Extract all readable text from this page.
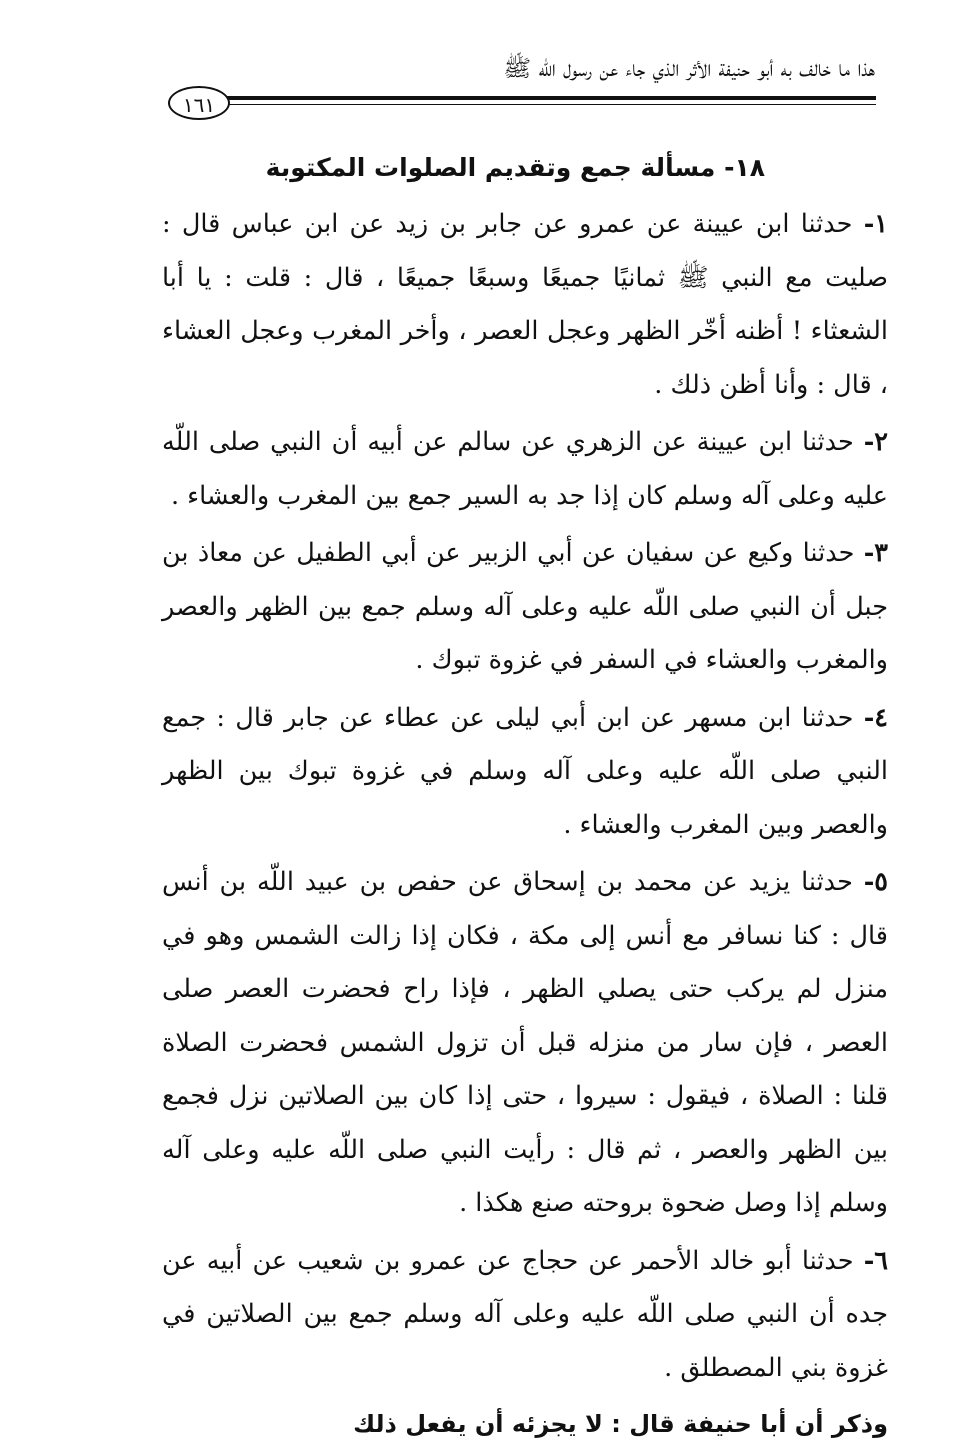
هذا ما خالف به أبو حنيفة الأثر الذي جاء عن رسول الله ﷺ
١٦١
١٨- مسألة جمع وتقديم الصلوات المكتوبة

١- حدثنا ابن عيينة عن عمرو عن جابر بن زيد عن ابن عباس قال : صليت مع النبي ﷺ ثمانيًا جميعًا وسبعًا جميعًا ، قال : قلت : يا أبا الشعثاء ! أظنه أخّر الظهر وعجل العصر ، وأخر المغرب وعجل العشاء ، قال : وأنا أظن ذلك .

٢- حدثنا ابن عيينة عن الزهري عن سالم عن أبيه أن النبي صلى اللّه عليه وعلى آله وسلم كان إذا جد به السير جمع بين المغرب والعشاء .

٣- حدثنا وكيع عن سفيان عن أبي الزبير عن أبي الطفيل عن معاذ بن جبل أن النبي صلى اللّه عليه وعلى آله وسلم جمع بين الظهر والعصر والمغرب والعشاء في السفر في غزوة تبوك .

٤- حدثنا ابن مسهر عن ابن أبي ليلى عن عطاء عن جابر قال : جمع النبي صلى اللّه عليه وعلى آله وسلم في غزوة تبوك بين الظهر والعصر وبين المغرب والعشاء .

٥- حدثنا يزيد عن محمد بن إسحاق عن حفص بن عبيد اللّه بن أنس قال : كنا نسافر مع أنس إلى مكة ، فكان إذا زالت الشمس وهو في منزل لم يركب حتى يصلي الظهر ، فإذا راح فحضرت العصر صلى العصر ، فإن سار من منزله قبل أن تزول الشمس فحضرت الصلاة قلنا : الصلاة ، فيقول : سيروا ، حتى إذا كان بين الصلاتين نزل فجمع بين الظهر والعصر ، ثم قال : رأيت النبي صلى اللّه عليه وعلى آله وسلم إذا وصل ضحوة بروحته صنع هكذا .

٦- حدثنا أبو خالد الأحمر عن حجاج عن عمرو بن شعيب عن أبيه عن جده أن النبي صلى اللّه عليه وعلى آله وسلم جمع بين الصلاتين في غزوة بني المصطلق .

وذكر أن أبا حنيفة قال : لا يجزئه أن يفعل ذلك
